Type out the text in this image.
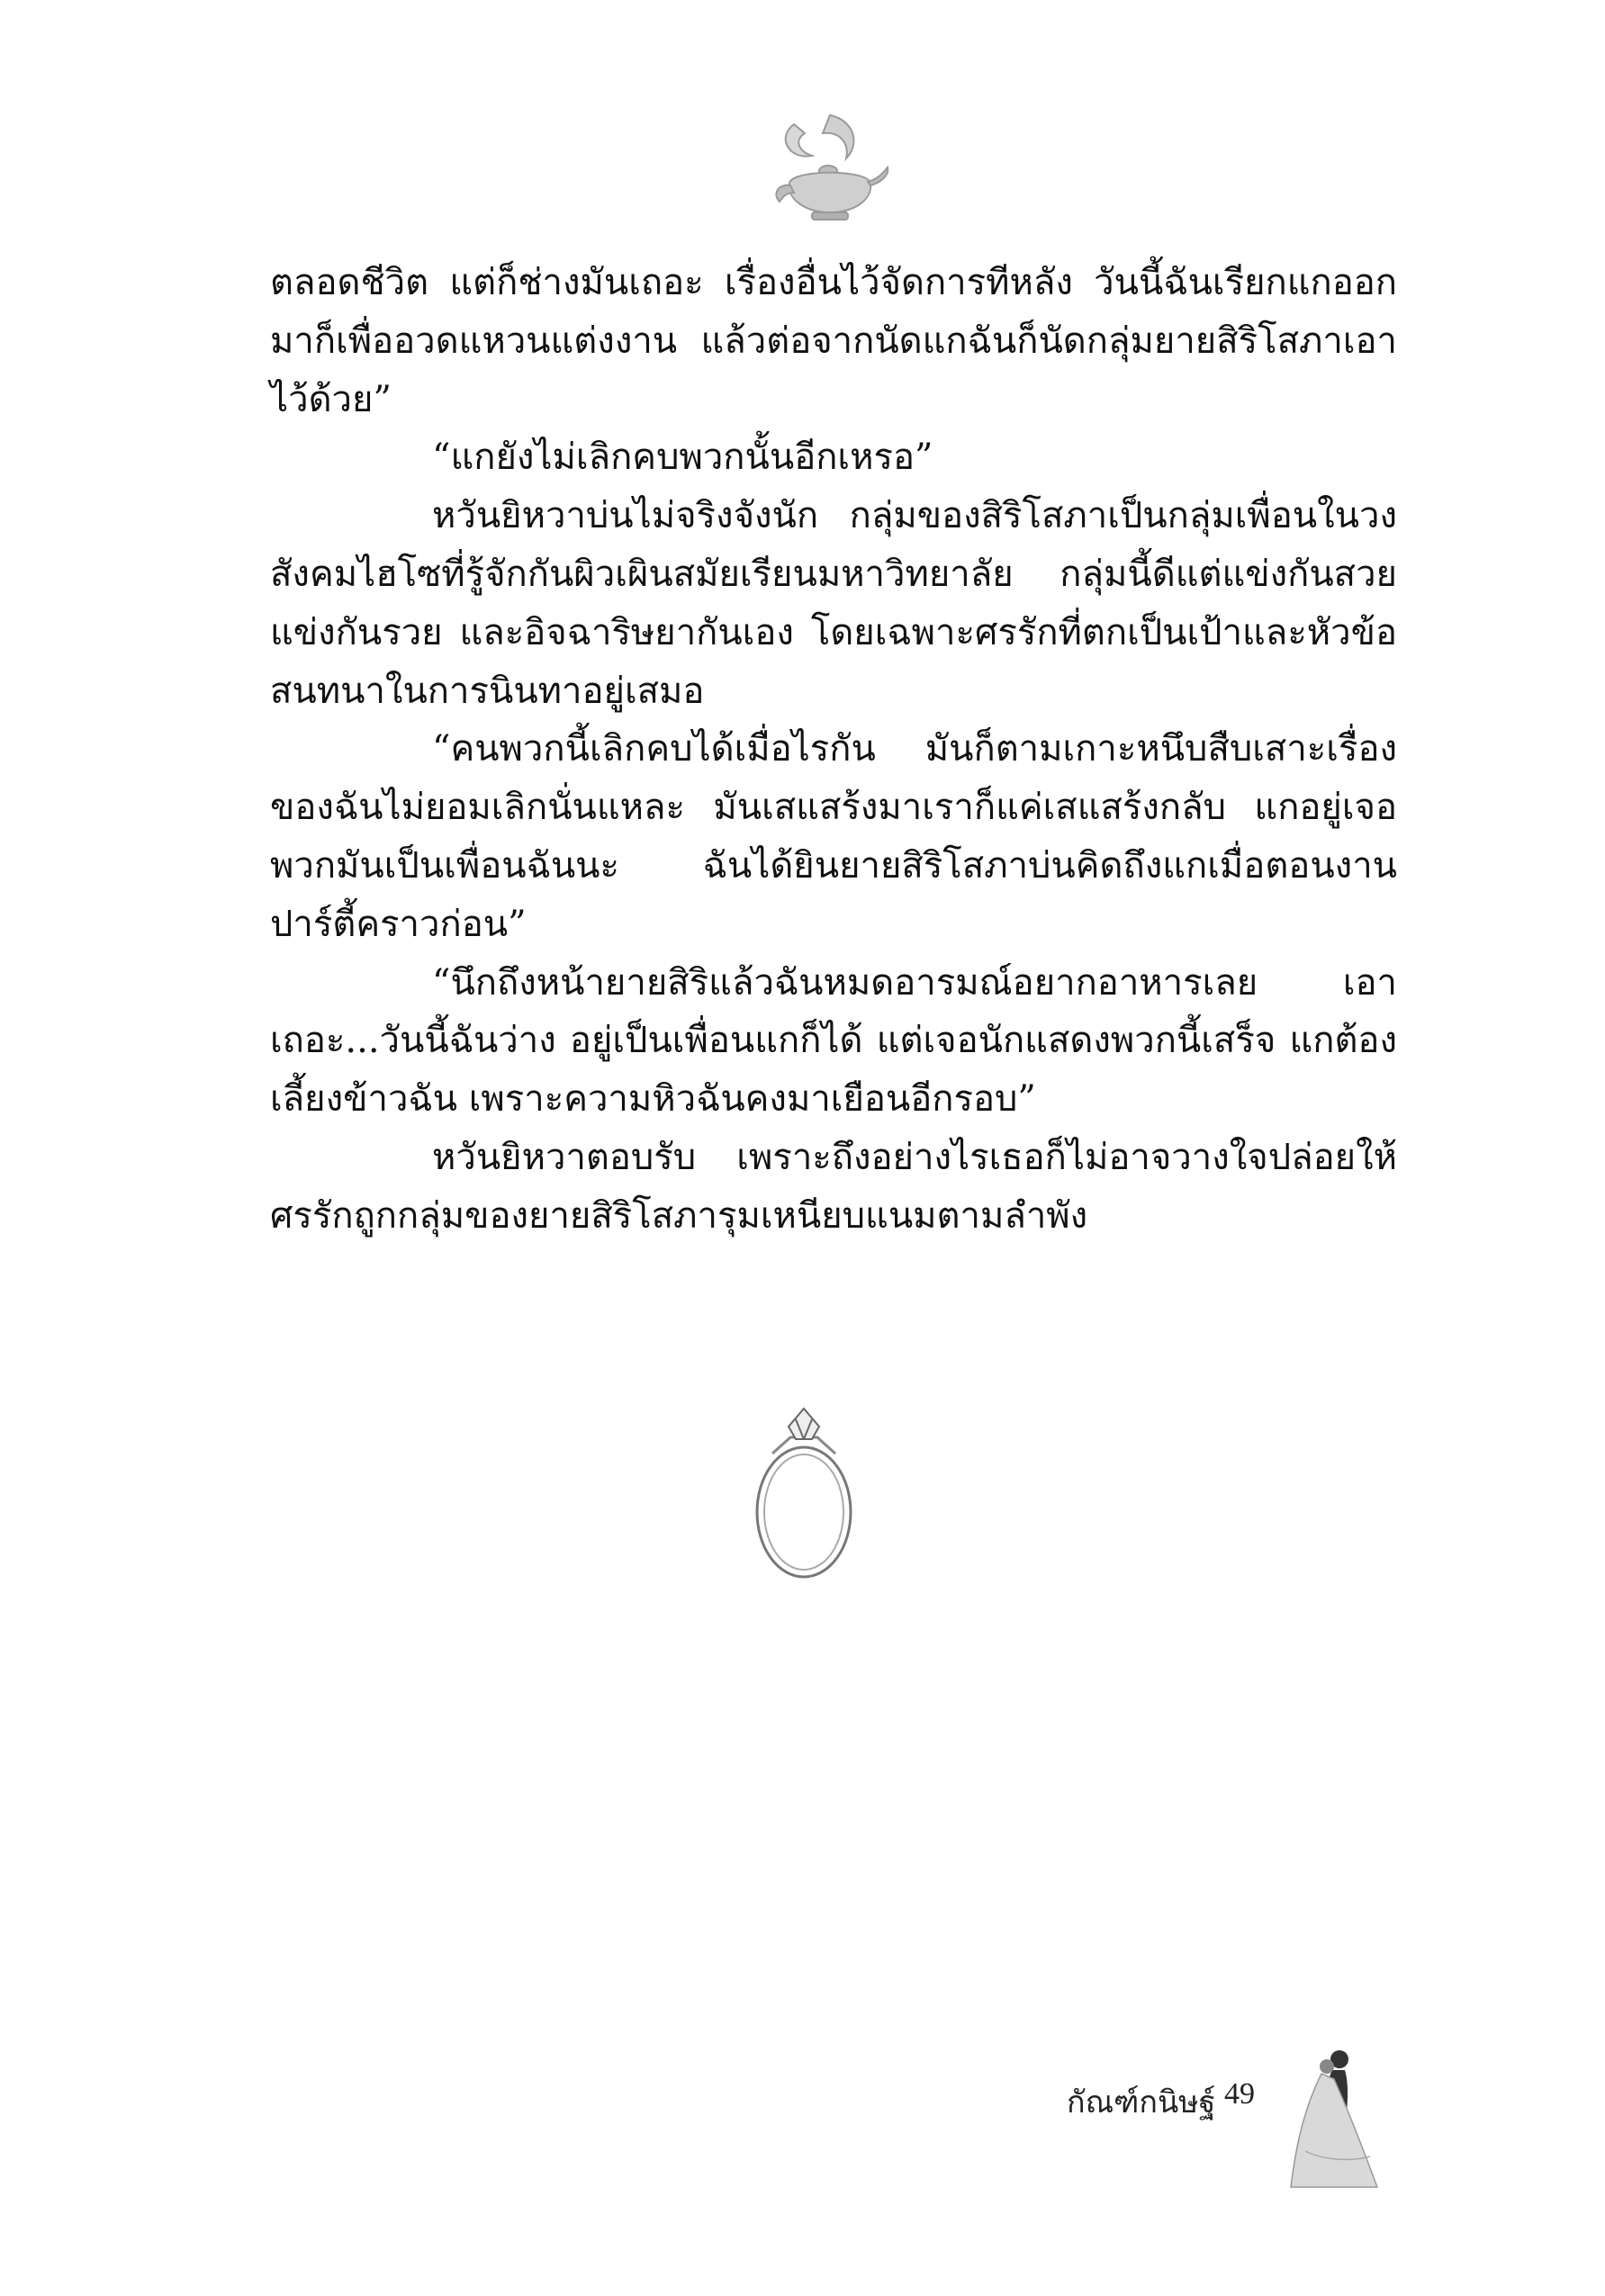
ตลอดชีวิต แต่ก็ช่างมันเถอะ เรื่องอื่นไว้จัดการทีหลัง วันนี้ฉันเรียกแกออกมาก็เพื่ออวดแหวนแต่งงาน แล้วต่อจากนัดแกฉันก็นัดกลุ่มยายสิริโสภาเอาไว้ด้วย”

“แกยังไม่เลิกคบพวกนั้นอีกเหรอ”

หวันยิหวาบ่นไม่จริงจังนัก กลุ่มของสิริโสภาเป็นกลุ่มเพื่อนในวงสังคมไฮโซที่รู้จักกันผิวเผินสมัยเรียนมหาวิทยาลัย กลุ่มนี้ดีแต่แข่งกันสวย แข่งกันรวย และอิจฉาริษยากันเอง โดยเฉพาะศรรักที่ตกเป็นเป้าและหัวข้อสนทนาในการนินทาอยู่เสมอ

“คนพวกนี้เลิกคบได้เมื่อไรกัน มันก็ตามเกาะหนึบสืบเสาะเรื่องของฉันไม่ยอมเลิกนั่นแหละ มันเสแสร้งมาเราก็แค่เสแสร้งกลับ แกอยู่เจอพวกมันเป็นเพื่อนฉันนะ ฉันได้ยินยายสิริโสภาบ่นคิดถึงแกเมื่อตอนงานปาร์ตี้คราวก่อน”

“นึกถึงหน้ายายสิริแล้วฉันหมดอารมณ์อยากอาหารเลย เอาเถอะ...วันนี้ฉันว่าง อยู่เป็นเพื่อนแกก็ได้ แต่เจอนักแสดงพวกนี้เสร็จ แกต้องเลี้ยงข้าวฉัน เพราะความหิวฉันคงมาเยือนอีกรอบ”

หวันยิหวาตอบรับ เพราะถึงอย่างไรเธอก็ไม่อาจวางใจปล่อยให้ศรรักถูกกลุ่มของยายสิริโสภารุมเหนียบแนมตามลำพัง

กัณฑ์กนิษฐ์ 49
